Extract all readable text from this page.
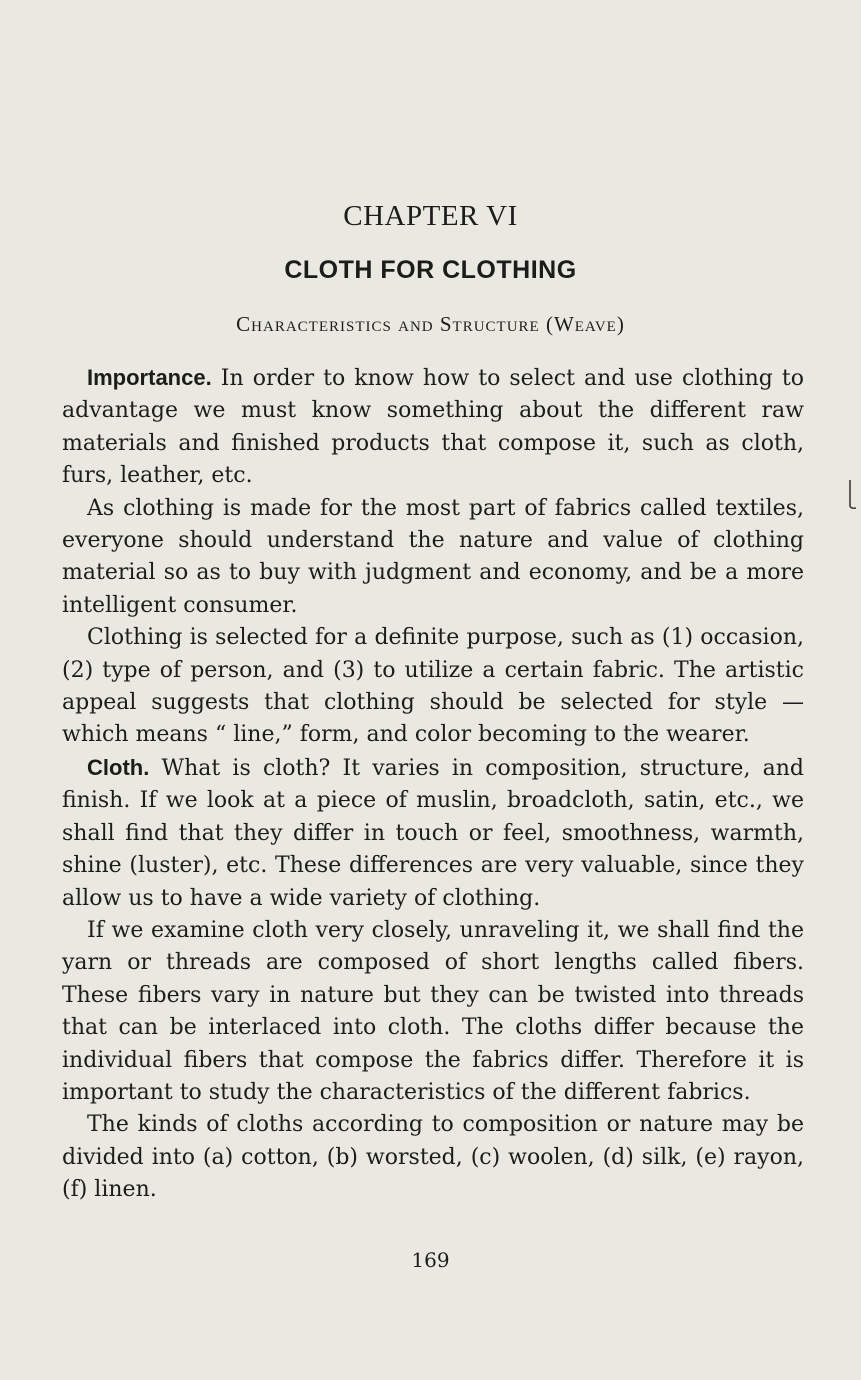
CHAPTER VI
CLOTH FOR CLOTHING
Characteristics and Structure (Weave)

Importance. In order to know how to select and use clothing to advantage we must know something about the different raw materials and finished products that compose it, such as cloth, furs, leather, etc.

As clothing is made for the most part of fabrics called textiles, everyone should understand the nature and value of clothing material so as to buy with judgment and economy, and be a more intelligent consumer.

Clothing is selected for a definite purpose, such as (1) occasion, (2) type of person, and (3) to utilize a certain fabric. The artistic appeal suggests that clothing should be selected for style — which means “ line,” form, and color becoming to the wearer.

Cloth. What is cloth? It varies in composition, structure, and finish. If we look at a piece of muslin, broadcloth, satin, etc., we shall find that they differ in touch or feel, smoothness, warmth, shine (luster), etc. These differences are very valuable, since they allow us to have a wide variety of clothing.

If we examine cloth very closely, unraveling it, we shall find the yarn or threads are composed of short lengths called fibers. These fibers vary in nature but they can be twisted into threads that can be interlaced into cloth. The cloths differ because the individual fibers that compose the fabrics differ. Therefore it is important to study the characteristics of the different fabrics.

The kinds of cloths according to composition or nature may be divided into (a) cotton, (b) worsted, (c) woolen, (d) silk, (e) rayon, (f) linen.

169
